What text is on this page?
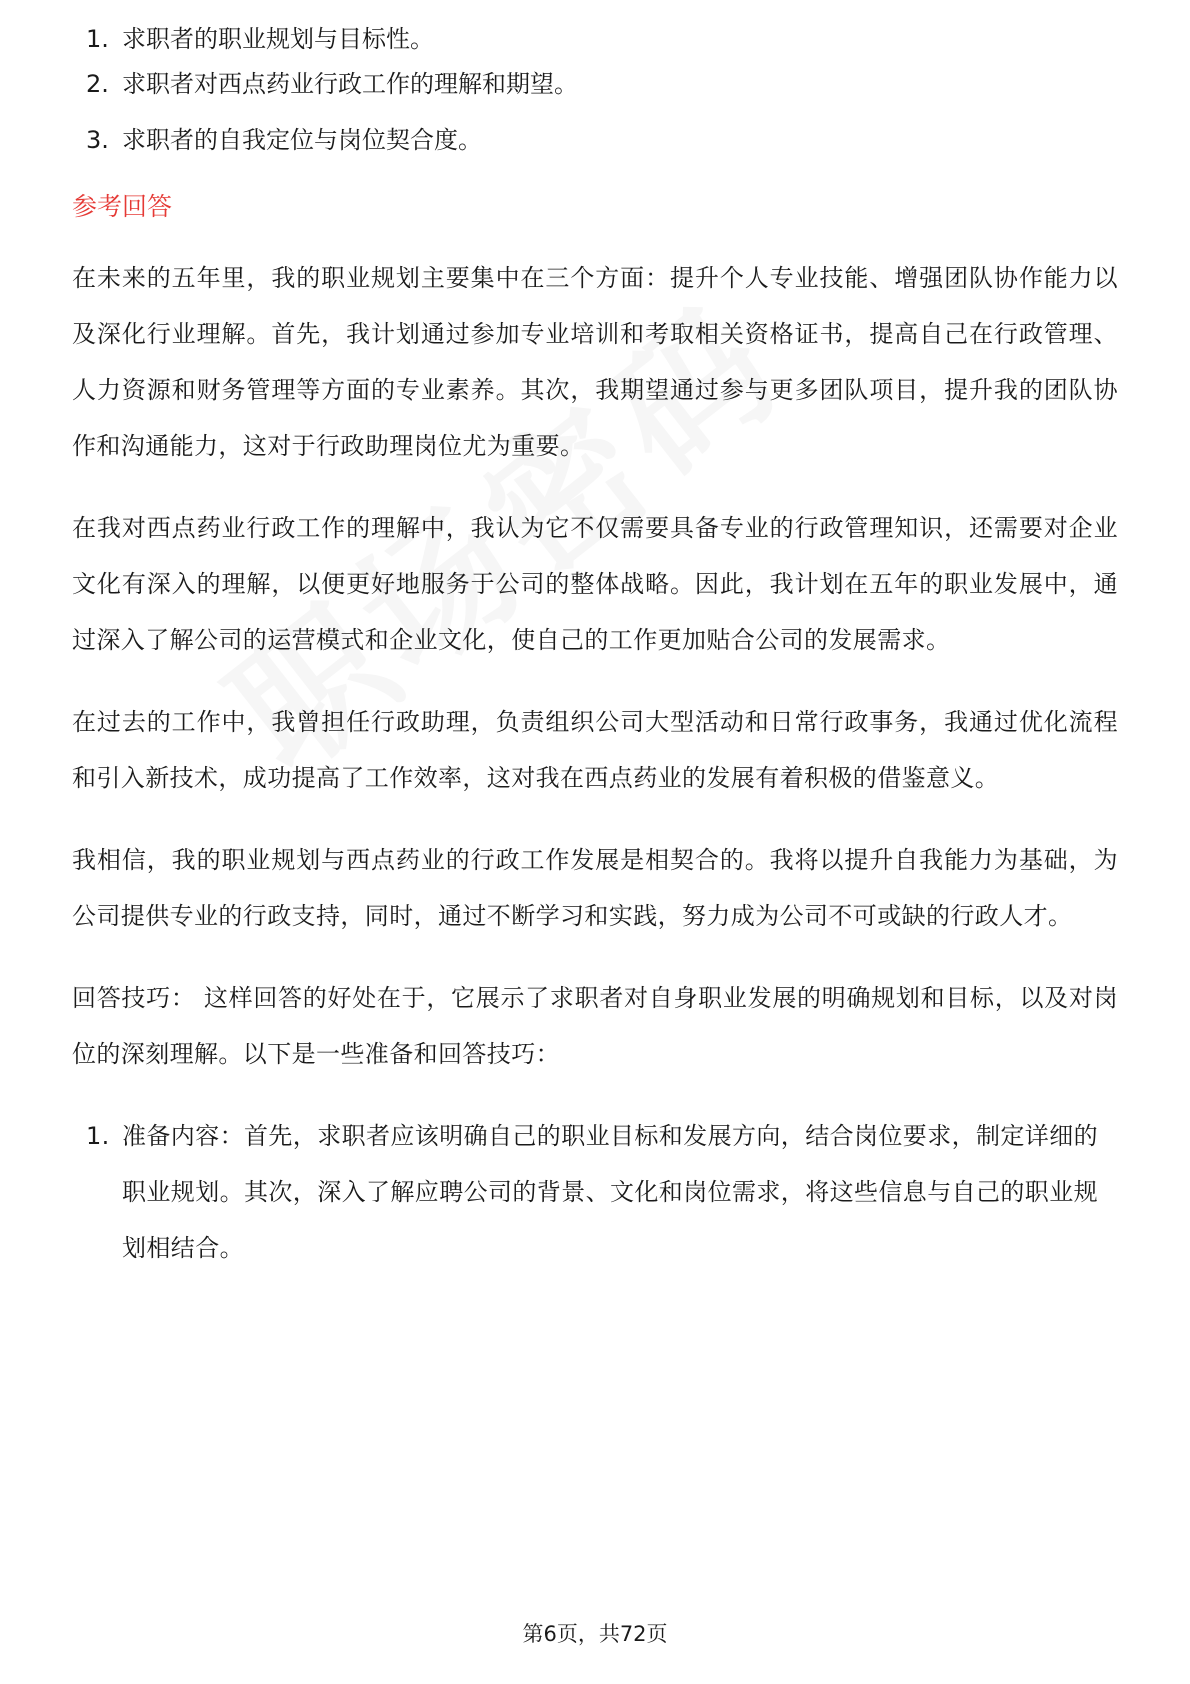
1. 求职者的职业规划与目标性。
2. 求职者对西点药业行政工作的理解和期望。
3. 求职者的自我定位与岗位契合度。
参考回答

在未来的五年里，我的职业规划主要集中在三个方面：提升个人专业技能、增强团队协作能力以及深化行业理解。首先，我计划通过参加专业培训和考取相关资格证书，提高自己在行政管理、人力资源和财务管理等方面的专业素养。其次，我期望通过参与更多团队项目，提升我的团队协作和沟通能力，这对于行政助理岗位尤为重要。

在我对西点药业行政工作的理解中，我认为它不仅需要具备专业的行政管理知识，还需要对企业文化有深入的理解，以便更好地服务于公司的整体战略。因此，我计划在五年的职业发展中，通过深入了解公司的运营模式和企业文化，使自己的工作更加贴合公司的发展需求。

在过去的工作中，我曾担任行政助理，负责组织公司大型活动和日常行政事务，我通过优化流程和引入新技术，成功提高了工作效率，这对我在西点药业的发展有着积极的借鉴意义。

我相信，我的职业规划与西点药业的行政工作发展是相契合的。我将以提升自我能力为基础，为公司提供专业的行政支持，同时，通过不断学习和实践，努力成为公司不可或缺的行政人才。

回答技巧： 这样回答的好处在于，它展示了求职者对自身职业发展的明确规划和目标，以及对岗位的深刻理解。以下是一些准备和回答技巧：

1. 准备内容：首先，求职者应该明确自己的职业目标和发展方向，结合岗位要求，制定详细的职业规划。其次，深入了解应聘公司的背景、文化和岗位需求，将这些信息与自己的职业规划相结合。
第6页，共72页
